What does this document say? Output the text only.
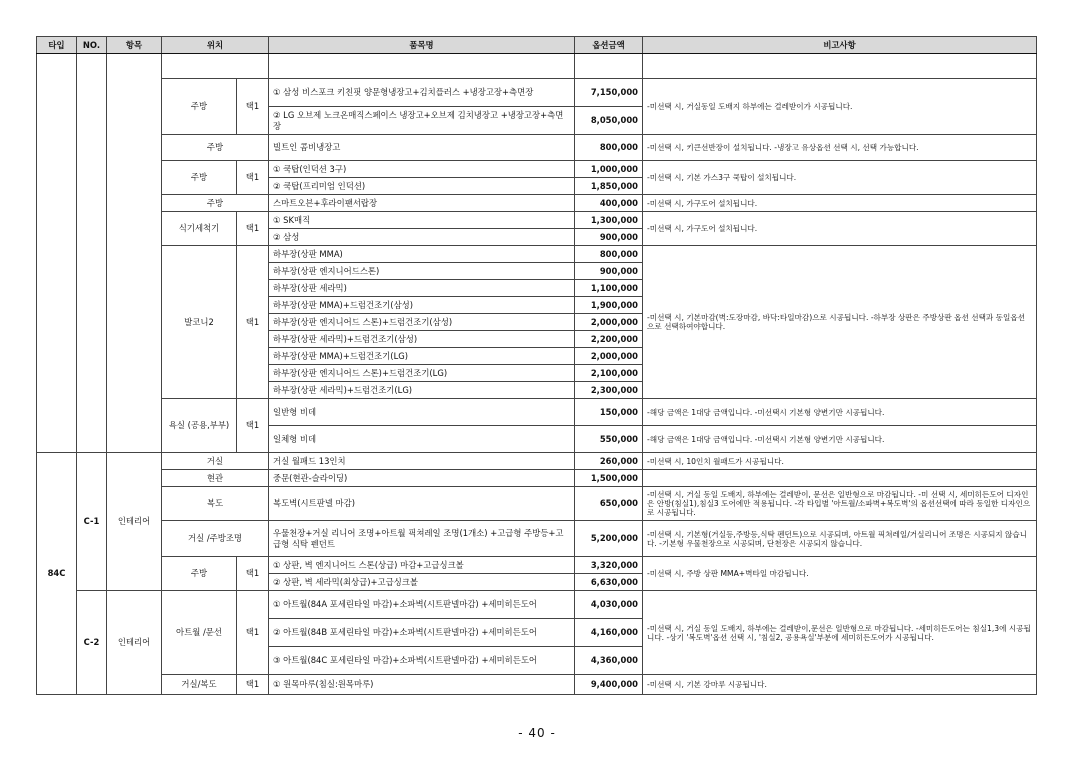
타입	NO.	항목	위치		품목명	옵션금액	비고사항

			주방	택1	① 삼성 비스포크 키친핏 양문형냉장고+김치플러스 +냉장고장+측면장	7,150,000	-미선택 시, 거실동일 도배지 하부에는 걸레받이가 시공됩니다.
					② LG 오브제 노크온매직스페이스 냉장고+오브제 김치냉장고 +냉장고장+측면장	8,050,000	
			주방		빌트인 콤비냉장고	800,000	-미선택 시, 키큰선반장이 설치됩니다. -냉장고 유상옵션 선택 시, 선택 가능합니다.
			주방	택1	① 쿡탑(인덕션 3구)	1,000,000	-미선택 시, 기본 가스3구 쿡탑이 설치됩니다.
					② 쿡탑(프리미엄 인덕션)	1,850,000	
			주방		스마트오븐+후라이팬서랍장	400,000	-미선택 시, 가구도어 설치됩니다.
			식기세척기	택1	① SK매직	1,300,000	-미선택 시, 가구도어 설치됩니다.
					② 삼성	900,000	
			발코니2	택1	하부장(상판 MMA)	800,000	-미선택 시, 기본마감(벽:도장마감, 바닥:타일마감)으로 시공됩니다. -하부장 상판은 주방상판 옵션 선택과 동일옵션으로 선택하여야합니다.
					하부장(상판 엔지니어드스톤)	900,000	
					하부장(상판 세라믹)	1,100,000	
					하부장(상판 MMA)+드럼건조기(삼성)	1,900,000	
					하부장(상판 엔지니어드 스톤)+드럼건조기(삼성)	2,000,000	
					하부장(상판 세라믹)+드럼건조기(삼성)	2,200,000	
					하부장(상판 MMA)+드럼건조기(LG)	2,000,000	
					하부장(상판 엔지니어드 스톤)+드럼건조기(LG)	2,100,000	
					하부장(상판 세라믹)+드럼건조기(LG)	2,300,000	
			욕실 (공용,부부)	택1	일반형 비데	150,000	-해당 금액은 1대당 금액입니다. -미선택시 기본형 양변기만 시공됩니다.
					일체형 비데	550,000	-해당 금액은 1대당 금액입니다. -미선택시 기본형 양변기만 시공됩니다.
84C	C-1	인테리어	거실		거실 월패드 13인치	260,000	-미선택 시, 10인치 월패드가 시공됩니다.
			현관		중문(현관-슬라이딩)	1,500,000	
			복도		복도벽(시트판넬 마감)	650,000	-미선택 시, 거실 동일 도배지, 하부에는 걸레받이, 문선은 일반형으로 마감됩니다. -미 선택 시, 세미히든도어 디자인은 안방(침실1),침실3 도어에만 적용됩니다. -각 타입별 '아트월/소파벽+복도벽'의 옵션선택에 따라 동일한 디자인으로 시공됩니다.
			거실 /주방조명		우물천장+거실 리니어 조명+아트월 픽쳐레일 조명(1개소) +고급형 주방등+고급형 식탁 펜던트	5,200,000	-미선택 시, 기본형(거실등,주방등,식탁 펜던트)으로 시공되며, 아트월 픽쳐레일/거실리니어 조명은 시공되지 않습니다. -기본형 우물천장으로 시공되며, 단천장은 시공되지 않습니다.
			주방	택1	① 상판, 벽 엔지니어드 스톤(상급) 마감+고급싱크볼	3,320,000	-미선택 시, 주방 상판 MMA+벽타일 마감됩니다.
					② 상판, 벽 세라믹(최상급)+고급싱크볼	6,630,000	
	C-2	인테리어	아트월 /문선	택1	① 아트월(84A 포세린타일 마감)+소파벽(시트판넬마감) +세미히든도어	4,030,000	-미선택 시, 거실 동일 도배지, 하부에는 걸레받이,문선은 일반형으로 마감됩니다. -세미히든도어는 침실1,3에 시공됩니다. -상기 '복도벽'옵션 선택 시, '침실2, 공용욕실'부분에 세미히든도어가 시공됩니다.
					② 아트월(84B 포세린타일 마감)+소파벽(시트판넬마감) +세미히든도어	4,160,000	
					③ 아트월(84C 포세린타일 마감)+소파벽(시트판넬마감) +세미히든도어	4,360,000	
			거실/복도	택1	① 원목마루(침실:원목마루)	9,400,000	-미선택 시, 기본 강마루 시공됩니다.
- 40 -
